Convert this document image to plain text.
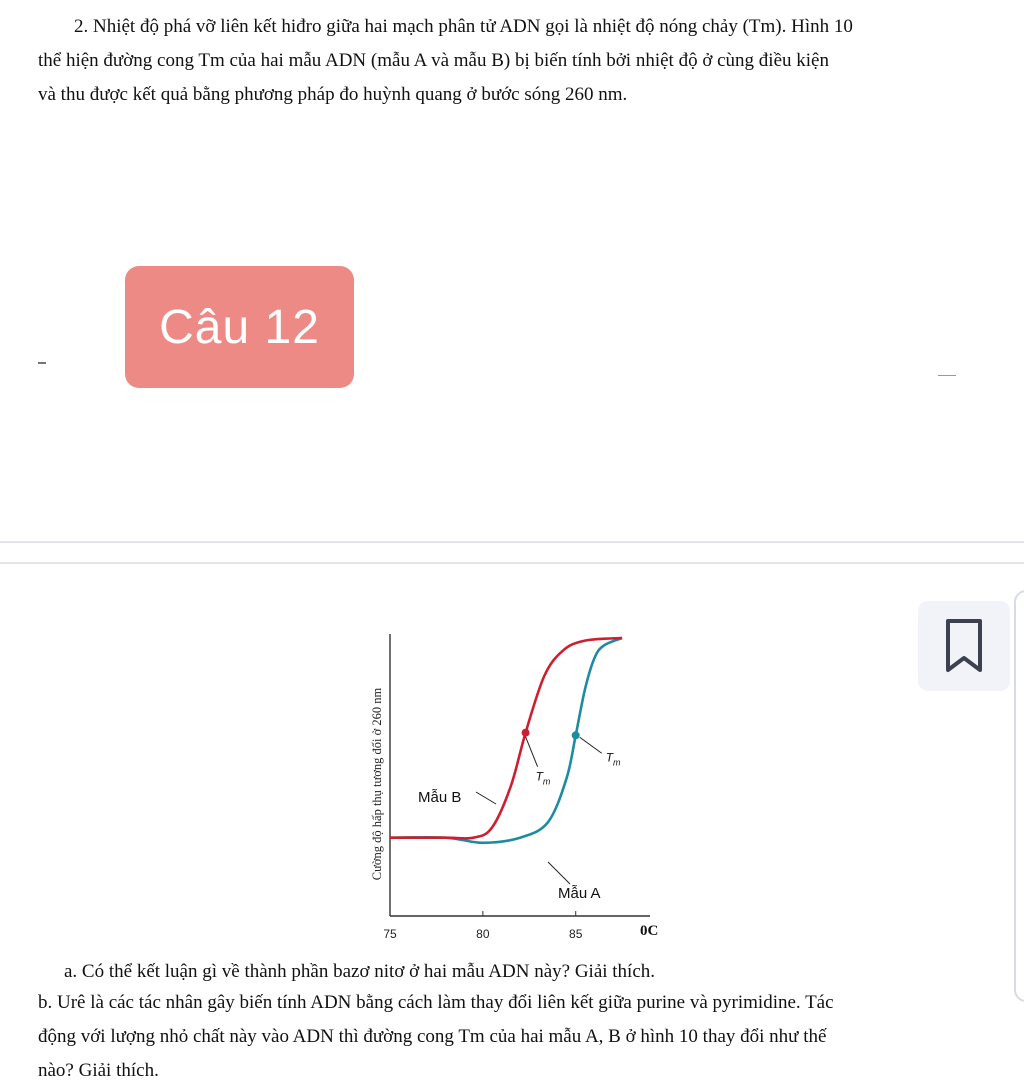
2. Nhiệt độ phá vỡ liên kết hiđro giữa hai mạch phân tử ADN gọi là nhiệt độ nóng chảy (Tm). Hình 10
thể hiện đường cong Tm của hai mẫu ADN (mẫu A và mẫu B) bị biến tính bởi nhiệt độ ở cùng điều kiện
và thu được kết quả bằng phương pháp đo huỳnh quang ở bước sóng 260 nm.
Câu 12
Cường độ hấp thụ tương đối ở 260 nm
0C
75	80	85
$T_m$
$T_m$
Mẫu B
Mẫu A

a. Có thể kết luận gì về thành phần bazơ nitơ ở hai mẫu ADN này? Giải thích.

b. Urê là các tác nhân gây biến tính ADN bằng cách làm thay đổi liên kết giữa purine và pyrimidine. Tác
động với lượng nhỏ chất này vào ADN thì đường cong Tm của hai mẫu A, B ở hình 10 thay đổi như thế
nào? Giải thích.
